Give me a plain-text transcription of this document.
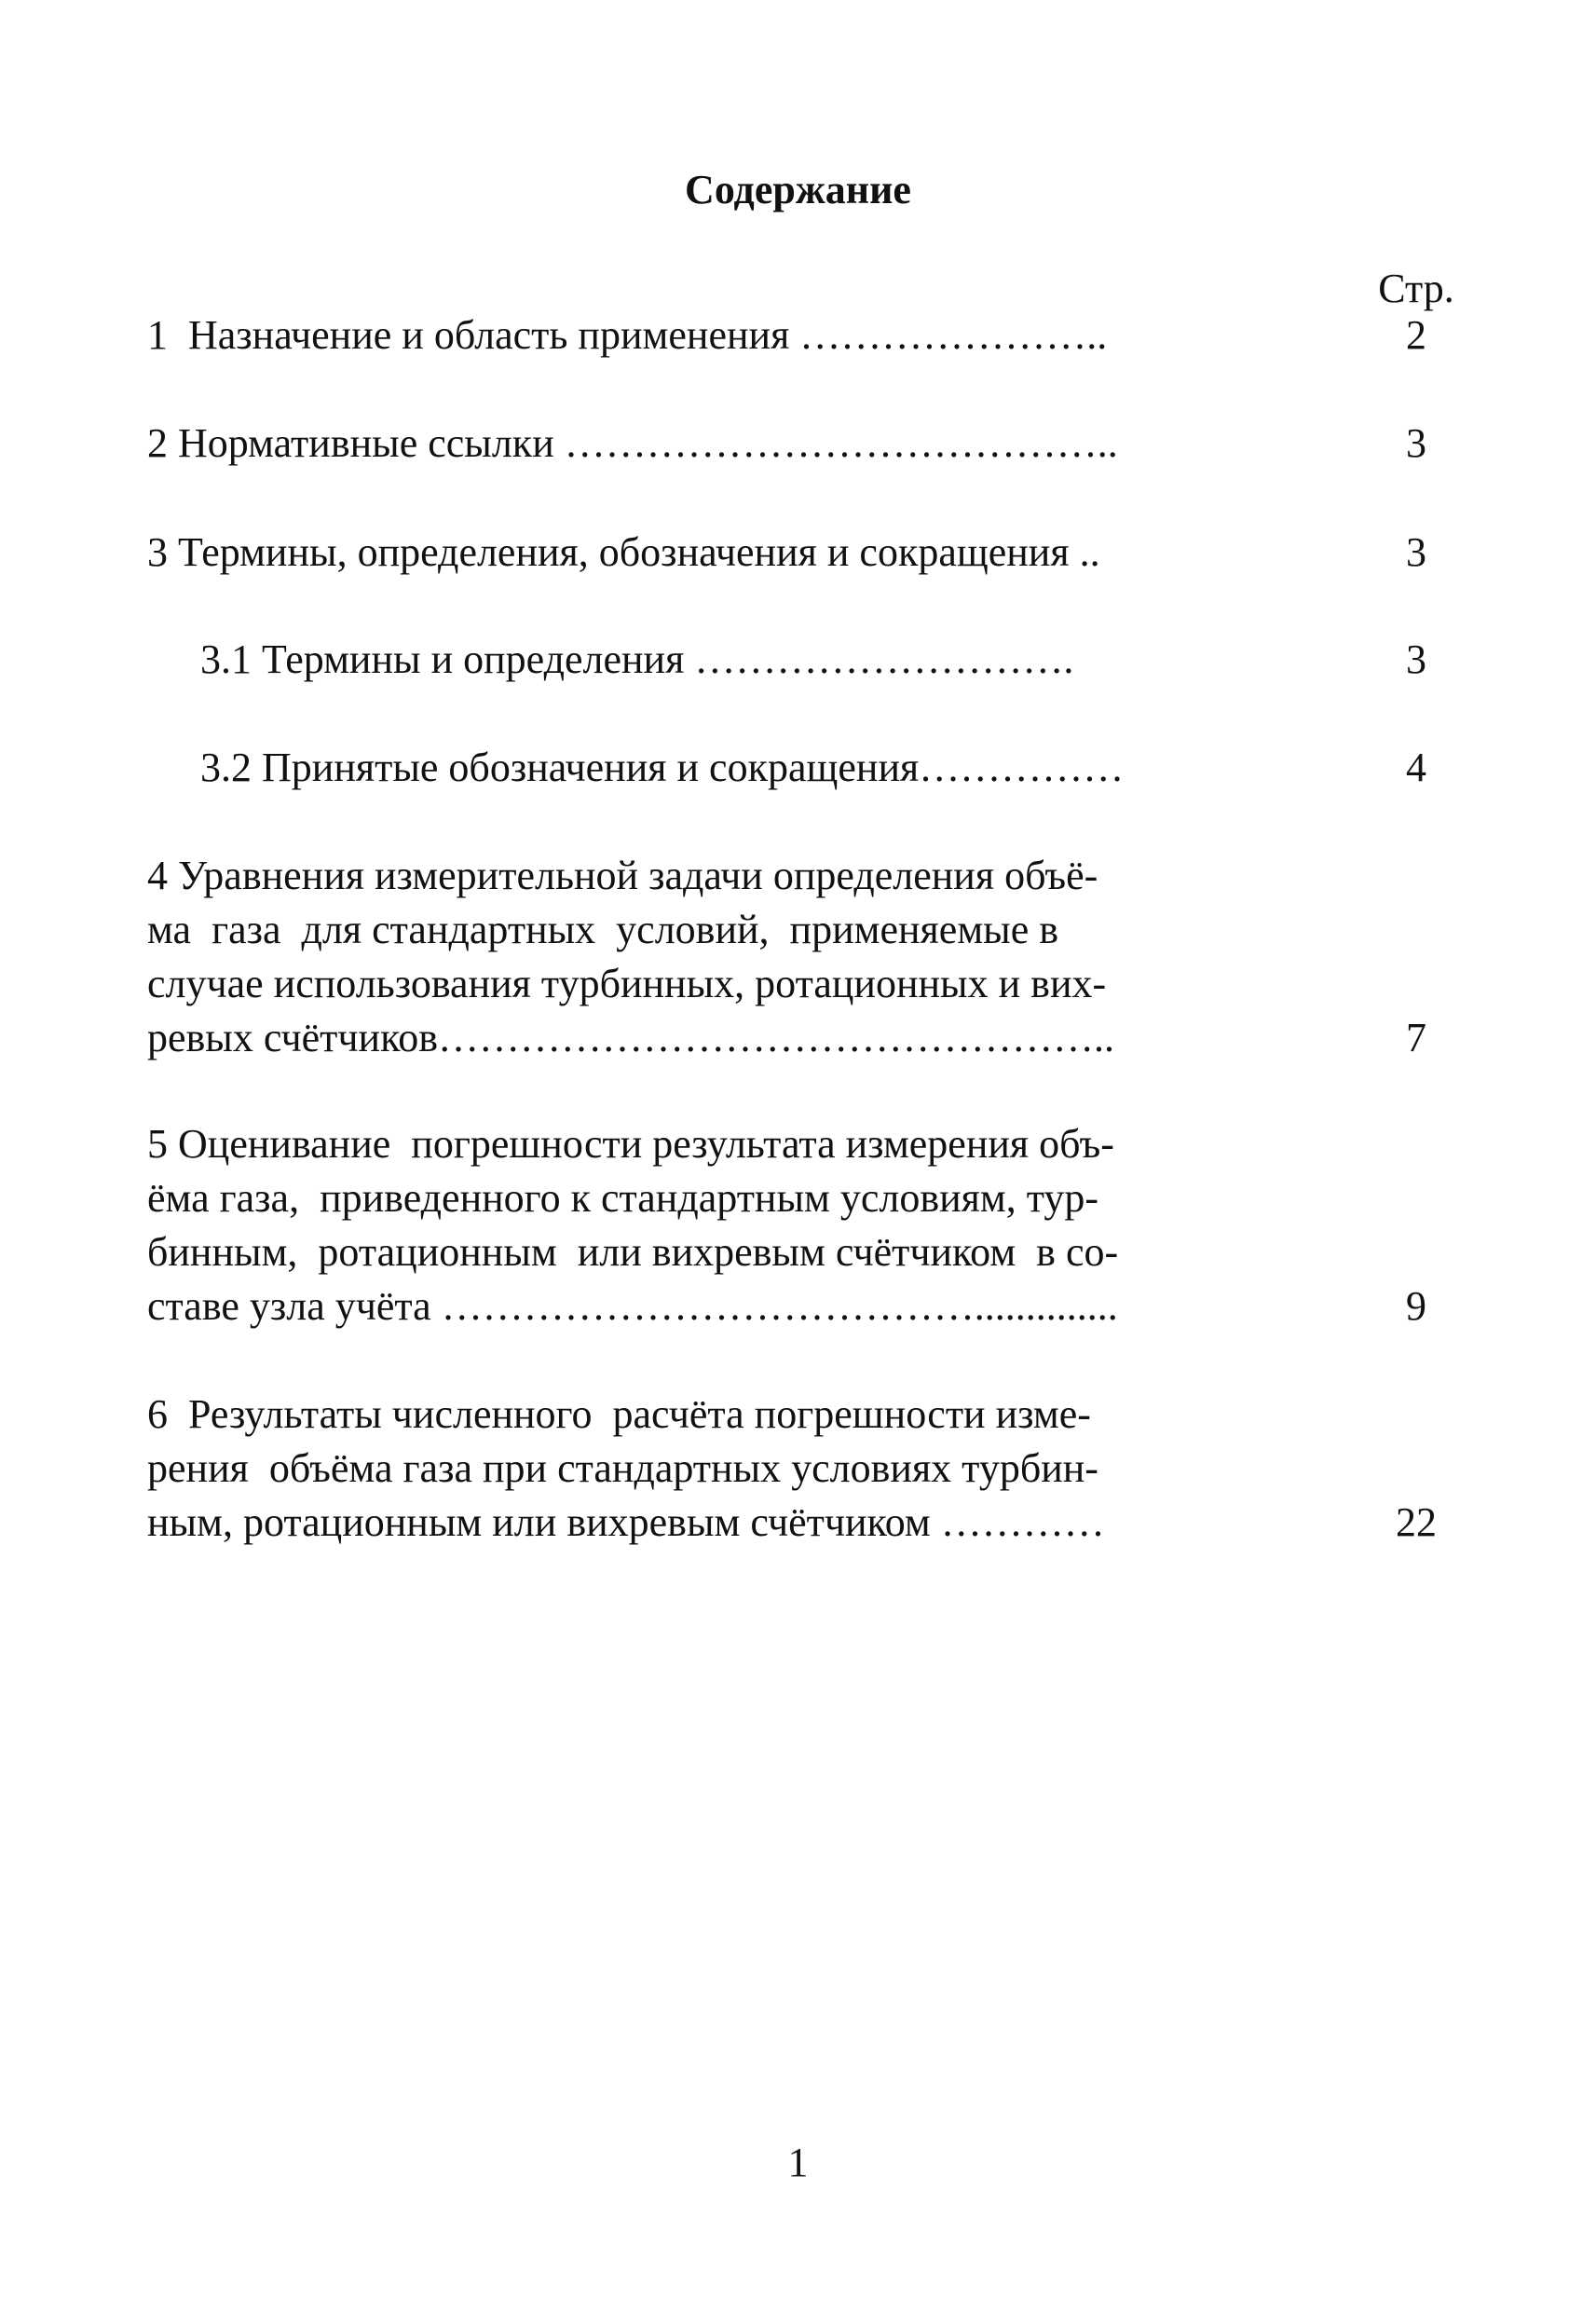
Содержание
Стр.
1  Назначение и область применения …………………..	2
2 Нормативные ссылки …………………………………..	3
3 Термины, определения, обозначения и сокращения ..	3
3.1 Термины и определения ……………………….	3
3.2 Принятые обозначения и сокращения……………	4
4 Уравнения измерительной задачи определения объё-
ма  газа  для стандартных  условий,  применяемые в
случае использования турбинных, ротационных и вих-
ревых счётчиков…………………………………………..	7
5 Оценивание  погрешности результата измерения объ-
ёма газа,  приведенного к стандартным условиям, тур-
бинным,  ротационным  или вихревым счётчиком  в со-
ставе узла учёта …………………………………..............	9
6  Результаты численного  расчёта погрешности изме-
рения  объёма газа при стандартных условиях турбин-
ным, ротационным или вихревым счётчиком …………	22
1
